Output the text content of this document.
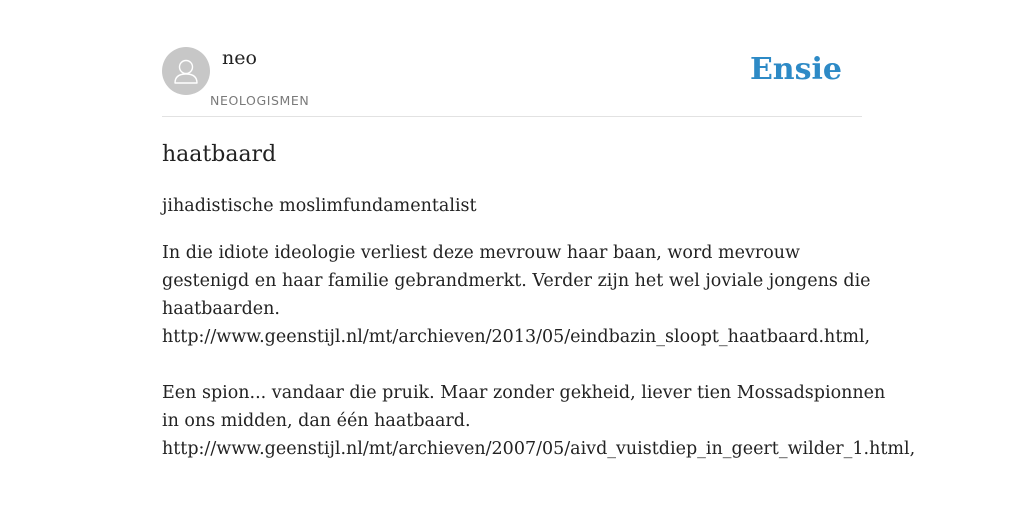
neo
NEOLOGISMEN
Ensie
haatbaard

jihadistische moslimfundamentalist

In die idiote ideologie verliest deze mevrouw haar baan, word mevrouw
gestenigd en haar familie gebrandmerkt. Verder zijn het wel joviale jongens die
haatbaarden.
http://www.geenstijl.nl/mt/archieven/2013/05/eindbazin_sloopt_haatbaard.html,
Een spion... vandaar die pruik. Maar zonder gekheid, liever tien Mossadspionnen
in ons midden, dan één haatbaard.
http://www.geenstijl.nl/mt/archieven/2007/05/aivd_vuistdiep_in_geert_wilder_1.html,
